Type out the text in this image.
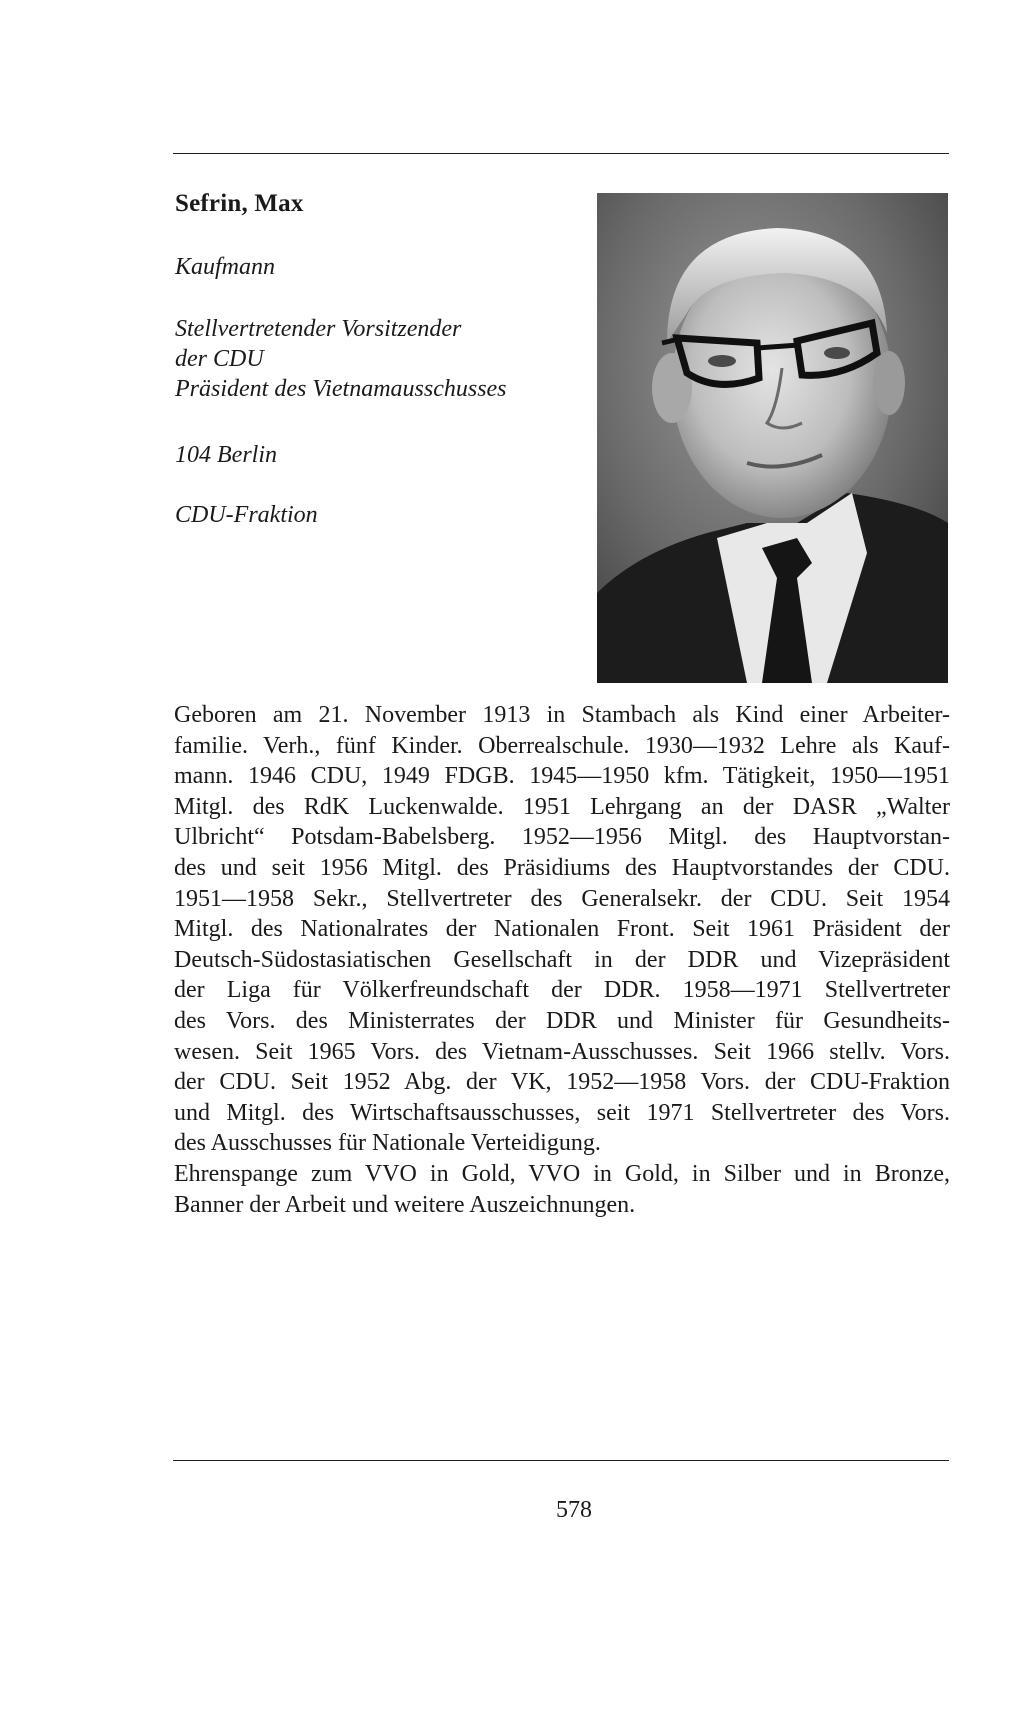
Sefrin, Max
Kaufmann
Stellvertretender Vorsitzender
der CDU
Präsident des Vietnamausschusses
104 Berlin
CDU-Fraktion

Geboren am 21. November 1913 in Stambach als Kind einer Arbeiter-
familie. Verh., fünf Kinder. Oberrealschule. 1930—1932 Lehre als Kauf-
mann. 1946 CDU, 1949 FDGB. 1945—1950 kfm. Tätigkeit, 1950—1951
Mitgl. des RdK Luckenwalde. 1951 Lehrgang an der DASR „Walter
Ulbricht“ Potsdam-Babelsberg. 1952—1956 Mitgl. des Hauptvorstan-
des und seit 1956 Mitgl. des Präsidiums des Hauptvorstandes der CDU.
1951—1958 Sekr., Stellvertreter des Generalsekr. der CDU. Seit 1954
Mitgl. des Nationalrates der Nationalen Front. Seit 1961 Präsident der
Deutsch-Südostasiatischen Gesellschaft in der DDR und Vizepräsident
der Liga für Völkerfreundschaft der DDR. 1958—1971 Stellvertreter
des Vors. des Ministerrates der DDR und Minister für Gesundheits-
wesen. Seit 1965 Vors. des Vietnam-Ausschusses. Seit 1966 stellv. Vors.
der CDU. Seit 1952 Abg. der VK, 1952—1958 Vors. der CDU-Fraktion
und Mitgl. des Wirtschaftsausschusses, seit 1971 Stellvertreter des Vors.
des Ausschusses für Nationale Verteidigung.

Ehrenspange zum VVO in Gold, VVO in Gold, in Silber und in Bronze,
Banner der Arbeit und weitere Auszeichnungen.

578
